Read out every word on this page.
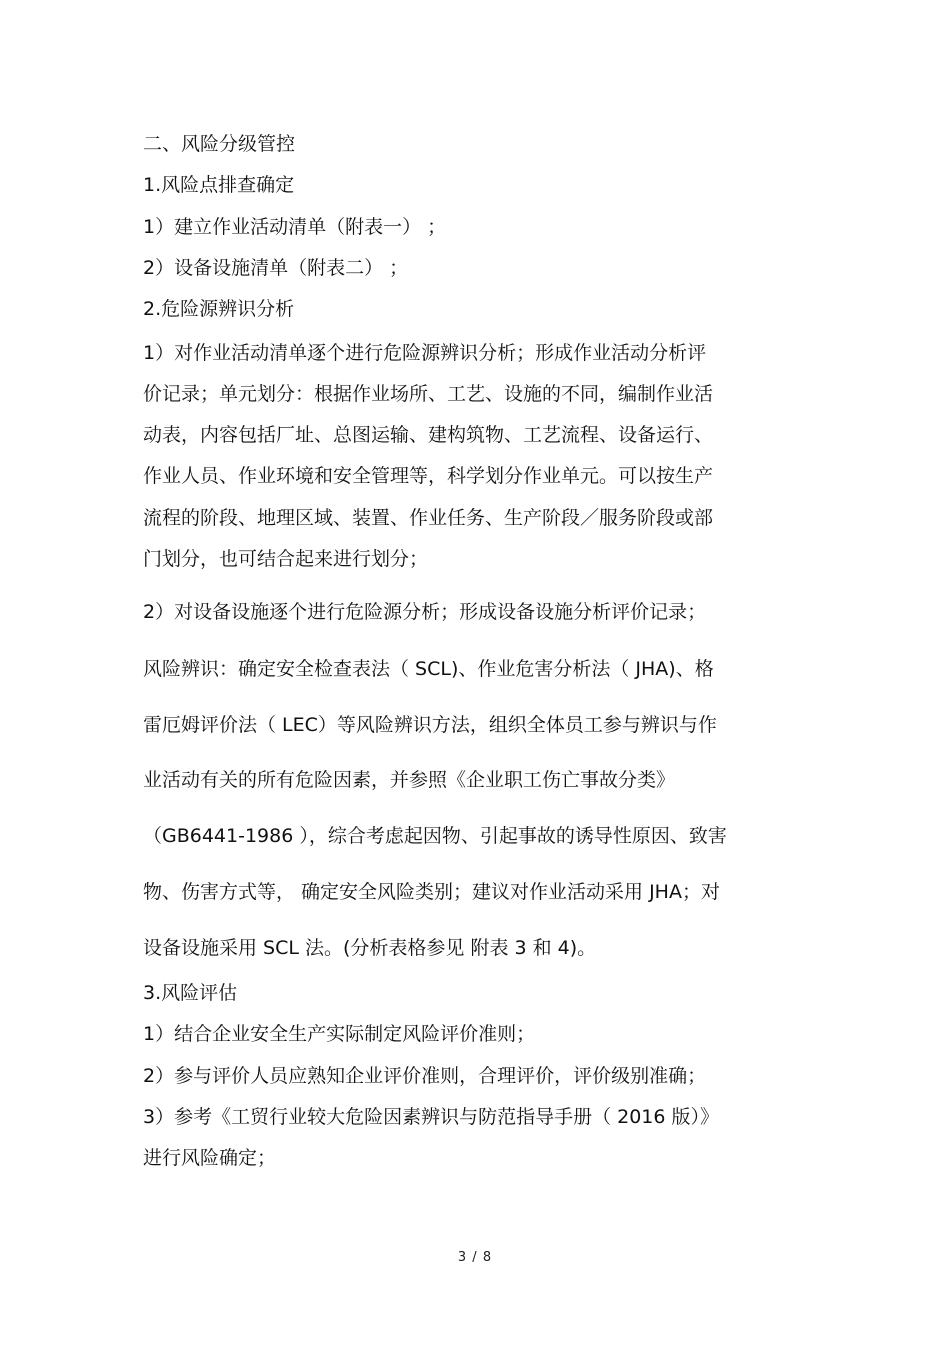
二、风险分级管控
1.风险点排查确定
1）建立作业活动清单（附表一） ；
2）设备设施清单（附表二） ；
2.危险源辨识分析
1）对作业活动清单逐个进行危险源辨识分析；形成作业活动分析评
价记录；单元划分：根据作业场所、工艺、设施的不同，编制作业活
动表，内容包括厂址、总图运输、建构筑物、工艺流程、设备运行、
作业人员、作业环境和安全管理等，科学划分作业单元。可以按生产
流程的阶段、地理区域、装置、作业任务、生产阶段／服务阶段或部
门划分，也可结合起来进行划分；
2）对设备设施逐个进行危险源分析；形成设备设施分析评价记录；
风险辨识：确定安全检查表法（ SCL)、作业危害分析法（ JHA)、格
雷厄姆评价法（ LEC）等风险辨识方法，组织全体员工参与辨识与作
业活动有关的所有危险因素，并参照《企业职工伤亡事故分类》
（GB6441-1986 ），综合考虑起因物、引起事故的诱导性原因、致害
物、伤害方式等， 确定安全风险类别；建议对作业活动采用 JHA；对
设备设施采用 SCL 法。(分析表格参见 附表 3 和 4)。
3.风险评估
1）结合企业安全生产实际制定风险评价准则；
2）参与评价人员应熟知企业评价准则，合理评价，评价级别准确；
3）参考《工贸行业较大危险因素辨识与防范指导手册（ 2016 版）》
进行风险确定；
3 / 8
